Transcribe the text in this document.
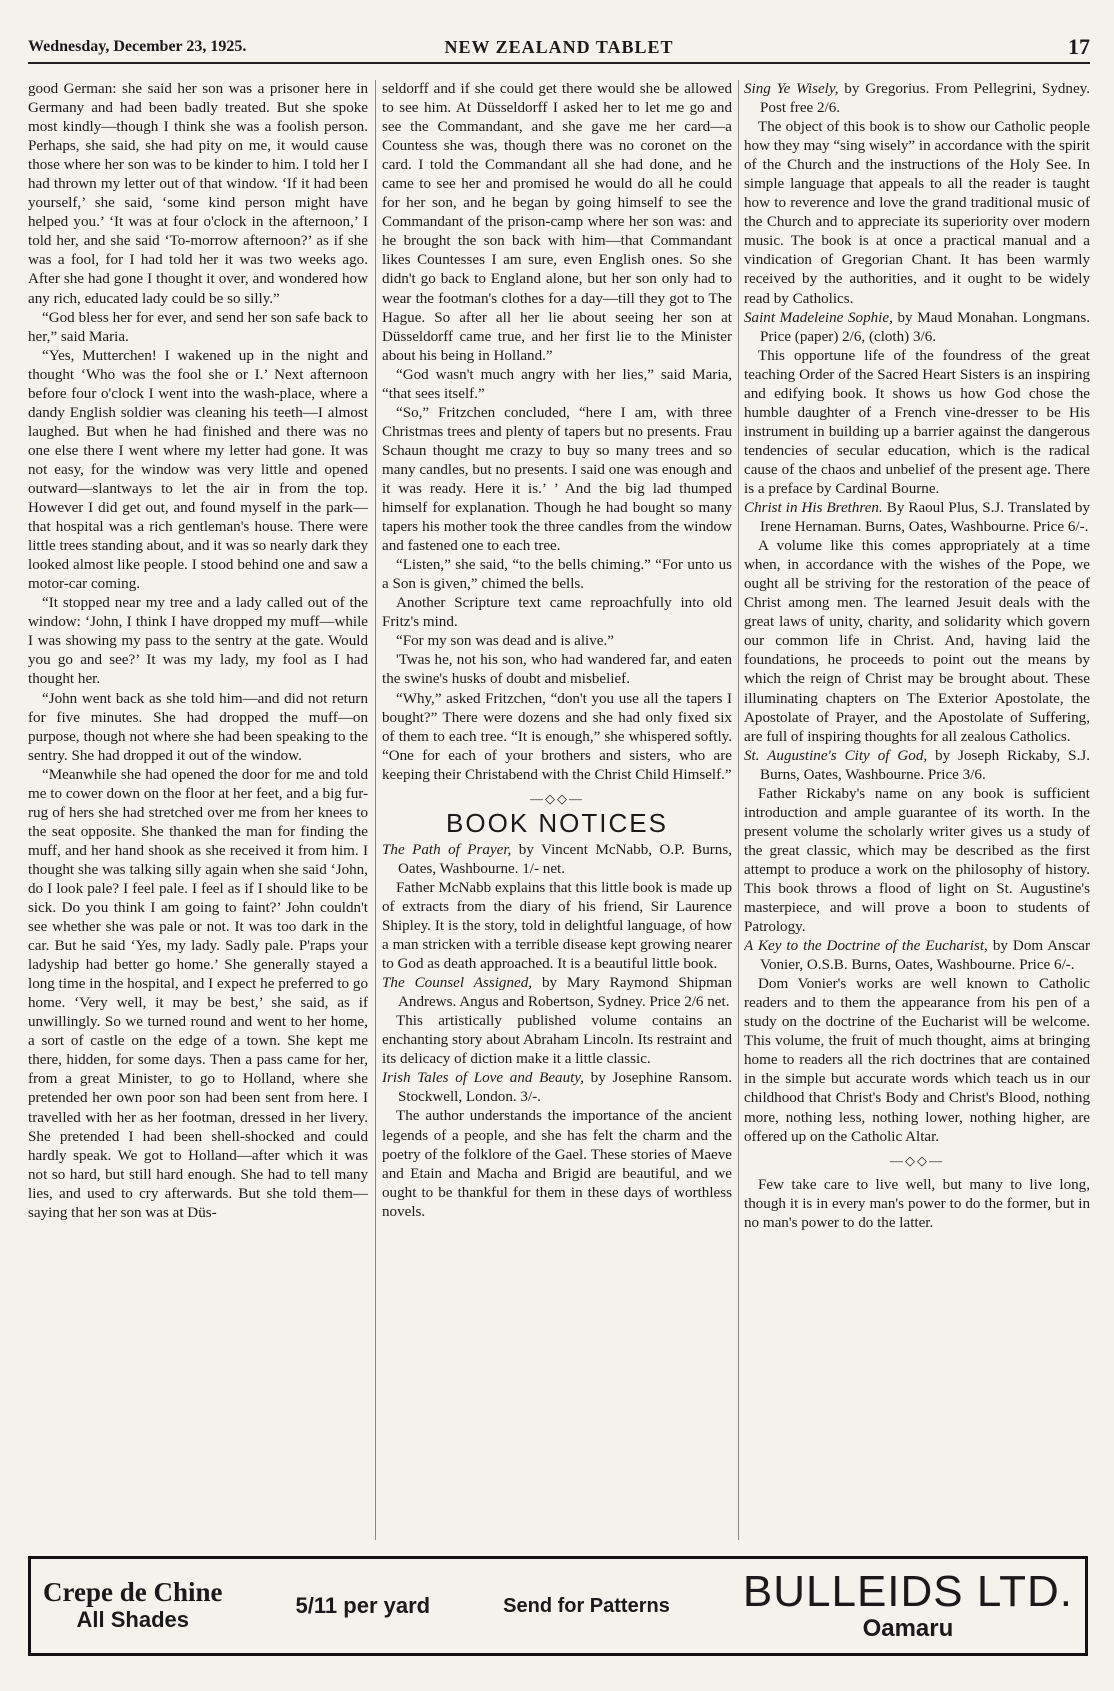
Wednesday, December 23, 1925.	NEW ZEALAND TABLET	17

good German: she said her son was a prisoner here in Germany and had been badly treated. But she spoke most kindly—though I think she was a foolish person. Perhaps, she said, she had pity on me, it would cause those where her son was to be kinder to him. I told her I had thrown my letter out of that window. ‘If it had been yourself,’ she said, ‘some kind person might have helped you.’ ‘It was at four o'clock in the afternoon,’ I told her, and she said ‘To-morrow afternoon?’ as if she was a fool, for I had told her it was two weeks ago. After she had gone I thought it over, and wondered how any rich, educated lady could be so silly.”

“God bless her for ever, and send her son safe back to her,” said Maria.

“Yes, Mutterchen! I wakened up in the night and thought ‘Who was the fool she or I.’ Next afternoon before four o'clock I went into the wash-place, where a dandy English soldier was cleaning his teeth—I almost laughed. But when he had finished and there was no one else there I went where my letter had gone. It was not easy, for the window was very little and opened outward—slantways to let the air in from the top. However I did get out, and found myself in the park—that hospital was a rich gentleman's house. There were little trees standing about, and it was so nearly dark they looked almost like people. I stood behind one and saw a motor-car coming.

“It stopped near my tree and a lady called out of the window: ‘John, I think I have dropped my muff—while I was showing my pass to the sentry at the gate. Would you go and see?’ It was my lady, my fool as I had thought her.

“John went back as she told him—and did not return for five minutes. She had dropped the muff—on purpose, though not where she had been speaking to the sentry. She had dropped it out of the window.

“Meanwhile she had opened the door for me and told me to cower down on the floor at her feet, and a big fur-rug of hers she had stretched over me from her knees to the seat opposite. She thanked the man for finding the muff, and her hand shook as she received it from him. I thought she was talking silly again when she said ‘John, do I look pale? I feel pale. I feel as if I should like to be sick. Do you think I am going to faint?’ John couldn't see whether she was pale or not. It was too dark in the car. But he said ‘Yes, my lady. Sadly pale. P'raps your ladyship had better go home.’ She generally stayed a long time in the hospital, and I expect he preferred to go home. ‘Very well, it may be best,’ she said, as if unwillingly. So we turned round and went to her home, a sort of castle on the edge of a town. She kept me there, hidden, for some days. Then a pass came for her, from a great Minister, to go to Holland, where she pretended her own poor son had been sent from here. I travelled with her as her footman, dressed in her livery. She pretended I had been shell-shocked and could hardly speak. We got to Holland—after which it was not so hard, but still hard enough. She had to tell many lies, and used to cry afterwards. But she told them—saying that her son was at Düs-

seldorff and if she could get there would she be allowed to see him. At Düsseldorff I asked her to let me go and see the Commandant, and she gave me her card—a Countess she was, though there was no coronet on the card. I told the Commandant all she had done, and he came to see her and promised he would do all he could for her son, and he began by going himself to see the Commandant of the prison-camp where her son was: and he brought the son back with him—that Commandant likes Countesses I am sure, even English ones. So she didn't go back to England alone, but her son only had to wear the footman's clothes for a day—till they got to The Hague. So after all her lie about seeing her son at Düsseldorff came true, and her first lie to the Minister about his being in Holland.”

“God wasn't much angry with her lies,” said Maria, “that sees itself.”

“So,” Fritzchen concluded, “here I am, with three Christmas trees and plenty of tapers but no presents. Frau Schaun thought me crazy to buy so many trees and so many candles, but no presents. I said one was enough and it was ready. Here it is.’ ’ And the big lad thumped himself for explanation. Though he had bought so many tapers his mother took the three candles from the window and fastened one to each tree.

“Listen,” she said, “to the bells chiming.” “For unto us a Son is given,” chimed the bells.

Another Scripture text came reproachfully into old Fritz's mind.

“For my son was dead and is alive.”

'Twas he, not his son, who had wandered far, and eaten the swine's husks of doubt and misbelief.

“Why,” asked Fritzchen, “don't you use all the tapers I bought?” There were dozens and she had only fixed six of them to each tree. “It is enough,” she whispered softly. “One for each of your brothers and sisters, who are keeping their Christabend with the Christ Child Himself.”

—◇◇—
BOOK NOTICES

The Path of Prayer, by Vincent McNabb, O.P. Burns, Oates, Washbourne. 1/- net.

Father McNabb explains that this little book is made up of extracts from the diary of his friend, Sir Laurence Shipley. It is the story, told in delightful language, of how a man stricken with a terrible disease kept growing nearer to God as death approached. It is a beautiful little book.

The Counsel Assigned, by Mary Raymond Shipman Andrews. Angus and Robertson, Sydney. Price 2/6 net.

This artistically published volume contains an enchanting story about Abraham Lincoln. Its restraint and its delicacy of diction make it a little classic.

Irish Tales of Love and Beauty, by Josephine Ransom. Stockwell, London. 3/-.

The author understands the importance of the ancient legends of a people, and she has felt the charm and the poetry of the folklore of the Gael. These stories of Maeve and Etain and Macha and Brigid are beautiful, and we ought to be thankful for them in these days of worthless novels.

Sing Ye Wisely, by Gregorius. From Pellegrini, Sydney. Post free 2/6.

The object of this book is to show our Catholic people how they may “sing wisely” in accordance with the spirit of the Church and the instructions of the Holy See. In simple language that appeals to all the reader is taught how to reverence and love the grand traditional music of the Church and to appreciate its superiority over modern music. The book is at once a practical manual and a vindication of Gregorian Chant. It has been warmly received by the authorities, and it ought to be widely read by Catholics.

Saint Madeleine Sophie, by Maud Monahan. Longmans. Price (paper) 2/6, (cloth) 3/6.

This opportune life of the foundress of the great teaching Order of the Sacred Heart Sisters is an inspiring and edifying book. It shows us how God chose the humble daughter of a French vine-dresser to be His instrument in building up a barrier against the dangerous tendencies of secular education, which is the radical cause of the chaos and unbelief of the present age. There is a preface by Cardinal Bourne.

Christ in His Brethren. By Raoul Plus, S.J. Translated by Irene Hernaman. Burns, Oates, Washbourne. Price 6/-.

A volume like this comes appropriately at a time when, in accordance with the wishes of the Pope, we ought all be striving for the restoration of the peace of Christ among men. The learned Jesuit deals with the great laws of unity, charity, and solidarity which govern our common life in Christ. And, having laid the foundations, he proceeds to point out the means by which the reign of Christ may be brought about. These illuminating chapters on The Exterior Apostolate, the Apostolate of Prayer, and the Apostolate of Suffering, are full of inspiring thoughts for all zealous Catholics.

St. Augustine's City of God, by Joseph Rickaby, S.J. Burns, Oates, Washbourne. Price 3/6.

Father Rickaby's name on any book is sufficient introduction and ample guarantee of its worth. In the present volume the scholarly writer gives us a study of the great classic, which may be described as the first attempt to produce a work on the philosophy of history. This book throws a flood of light on St. Augustine's masterpiece, and will prove a boon to students of Patrology.

A Key to the Doctrine of the Eucharist, by Dom Anscar Vonier, O.S.B. Burns, Oates, Washbourne. Price 6/-.

Dom Vonier's works are well known to Catholic readers and to them the appearance from his pen of a study on the doctrine of the Eucharist will be welcome. This volume, the fruit of much thought, aims at bringing home to readers all the rich doctrines that are contained in the simple but accurate words which teach us in our childhood that Christ's Body and Christ's Blood, nothing more, nothing less, nothing lower, nothing higher, are offered up on the Catholic Altar.

—◇◇—

Few take care to live well, but many to live long, though it is in every man's power to do the former, but in no man's power to do the latter.

Crepe de Chine
All Shades
5/11 per yard	Send for Patterns BULLEIDS LTD.
Oamaru
